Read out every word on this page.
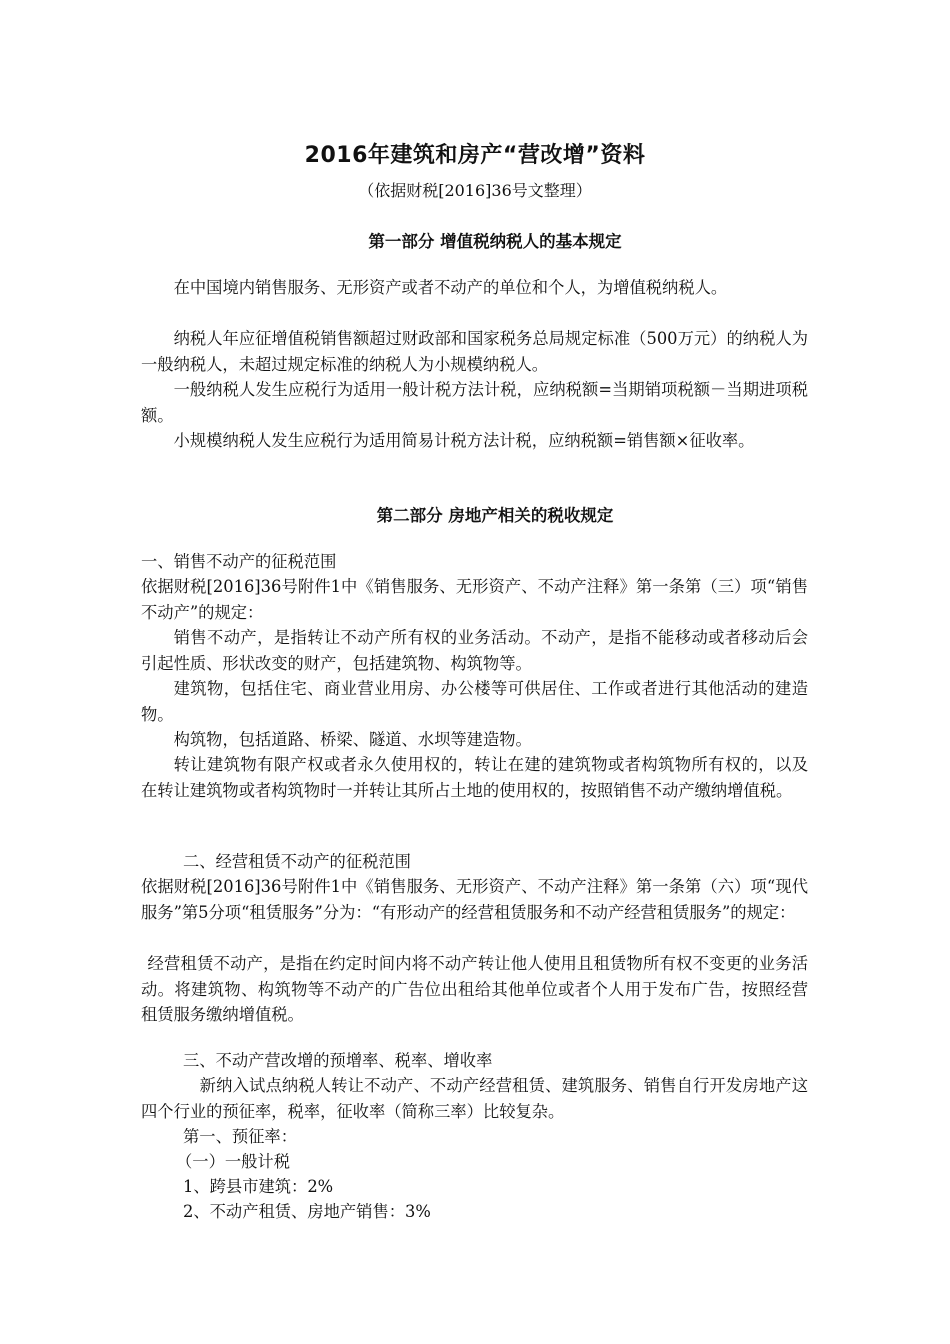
2016年建筑和房产“营改增”资料
（依据财税[2016]36号文整理）
第一部分 增值税纳税人的基本规定
在中国境内销售服务、无形资产或者不动产的单位和个人，为增值税纳税人。
纳税人年应征增值税销售额超过财政部和国家税务总局规定标准（500万元）的纳税人为一般纳税人，未超过规定标准的纳税人为小规模纳税人。
一般纳税人发生应税行为适用一般计税方法计税，应纳税额=当期销项税额－当期进项税额。
小规模纳税人发生应税行为适用简易计税方法计税，应纳税额=销售额×征收率。
第二部分 房地产相关的税收规定
一、销售不动产的征税范围
依据财税[2016]36号附件1中《销售服务、无形资产、不动产注释》第一条第（三）项“销售不动产”的规定：
销售不动产，是指转让不动产所有权的业务活动。不动产，是指不能移动或者移动后会引起性质、形状改变的财产，包括建筑物、构筑物等。
建筑物，包括住宅、商业营业用房、办公楼等可供居住、工作或者进行其他活动的建造物。
构筑物，包括道路、桥梁、隧道、水坝等建造物。
转让建筑物有限产权或者永久使用权的，转让在建的建筑物或者构筑物所有权的，以及在转让建筑物或者构筑物时一并转让其所占土地的使用权的，按照销售不动产缴纳增值税。
二、经营租赁不动产的征税范围
依据财税[2016]36号附件1中《销售服务、无形资产、不动产注释》第一条第（六）项“现代服务”第5分项“租赁服务”分为：“有形动产的经营租赁服务和不动产经营租赁服务”的规定：
经营租赁不动产，是指在约定时间内将不动产转让他人使用且租赁物所有权不变更的业务活动。将建筑物、构筑物等不动产的广告位出租给其他单位或者个人用于发布广告，按照经营租赁服务缴纳增值税。
三、不动产营改增的预增率、税率、增收率
新纳入试点纳税人转让不动产、不动产经营租赁、建筑服务、销售自行开发房地产这四个行业的预征率，税率，征收率（简称三率）比较复杂。
第一、预征率：
（一）一般计税
1、跨县市建筑：2%
2、不动产租赁、房地产销售：3%
